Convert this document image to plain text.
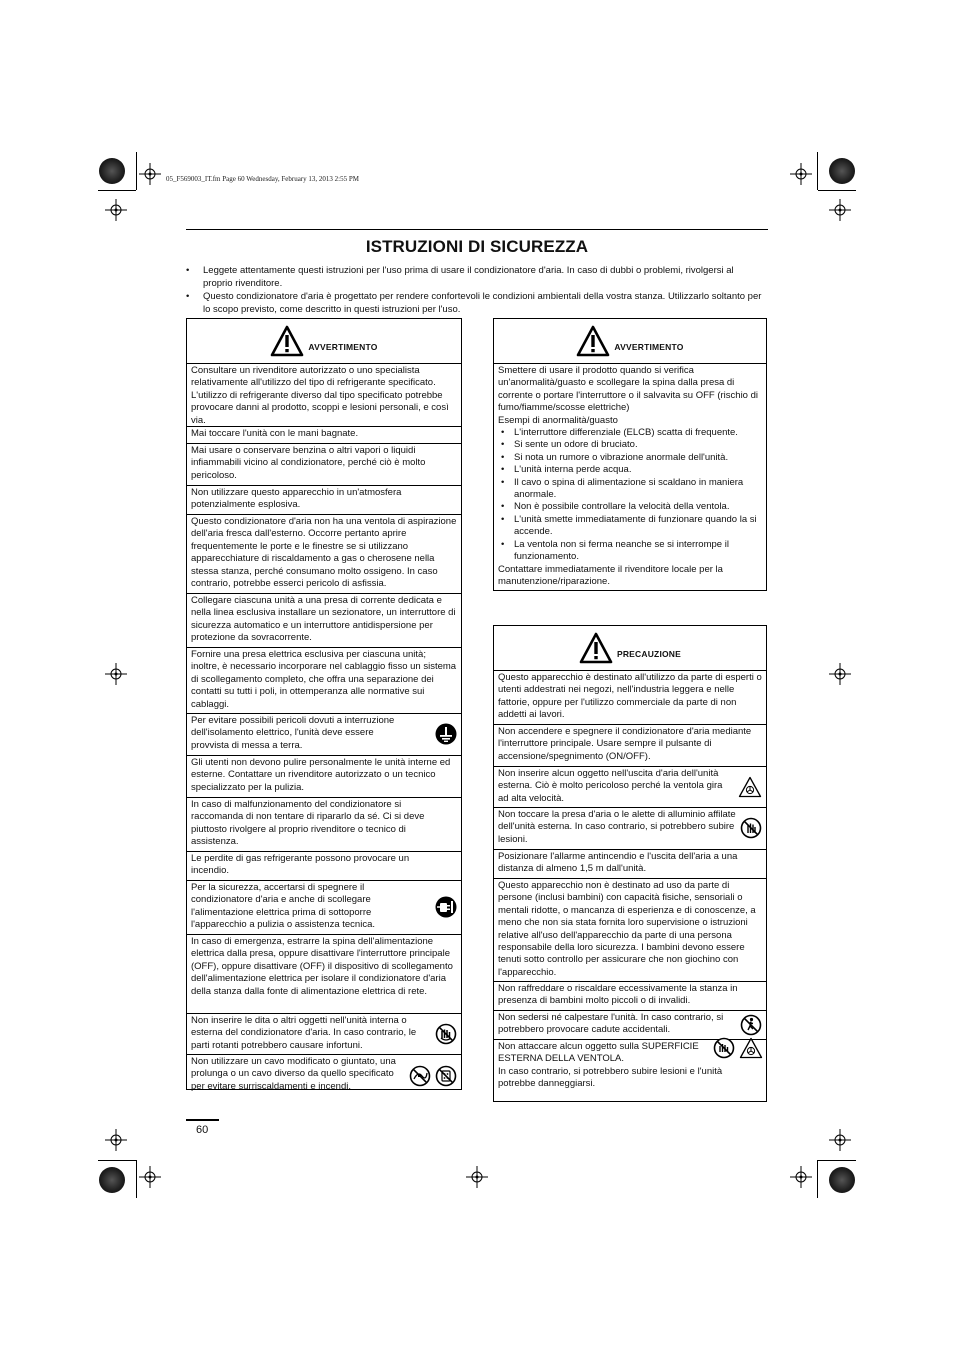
05_F569003_IT.fm Page 60 Wednesday, February 13, 2013 2:55 PM
ISTRUZIONI DI SICUREZZA
• Leggete attentamente questi istruzioni per l'uso prima di usare il condizionatore d'aria. In caso di dubbi o problemi, rivolgersi al proprio rivenditore.
• Questo condizionatore d'aria è progettato per rendere confortevoli le condizioni ambientali della vostra stanza. Utilizzarlo soltanto per lo scopo previsto, come descritto in questi istruzioni per l'uso.
AVVERTIMENTO
Consultare un rivenditore autorizzato o uno specialista relativamente all'utilizzo del tipo di refrigerante specificato. L'utilizzo di refrigerante diverso dal tipo specificato potrebbe provocare danni al prodotto, scoppi e lesioni personali, e così via.
Mai toccare l'unità con le mani bagnate.
Mai usare o conservare benzina o altri vapori o liquidi infiammabili vicino al condizionatore, perché ciò è molto pericoloso.
Non utilizzare questo apparecchio in un'atmosfera potenzialmente esplosiva.
Questo condizionatore d'aria non ha una ventola di aspirazione dell'aria fresca dall'esterno. Occorre pertanto aprire frequentemente le porte e le finestre se si utilizzano apparecchiature di riscaldamento a gas o cherosene nella stessa stanza, perché consumano molto ossigeno. In caso contrario, potrebbe esserci pericolo di asfissia.
Collegare ciascuna unità a una presa di corrente dedicata e nella linea esclusiva installare un sezionatore, un interruttore di sicurezza automatico e un interruttore antidispersione per protezione da sovracorrente.
Fornire una presa elettrica esclusiva per ciascuna unità; inoltre, è necessario incorporare nel cablaggio fisso un sistema di scollegamento completo, che offra una separazione dei contatti su tutti i poli, in ottemperanza alle normative sui cablaggi.
Per evitare possibili pericoli dovuti a interruzione dell'isolamento elettrico, l'unità deve essere provvista di messa a terra.
Gli utenti non devono pulire personalmente le unità interne ed esterne. Contattare un rivenditore autorizzato o un tecnico specializzato per la pulizia.
In caso di malfunzionamento del condizionatore si raccomanda di non tentare di ripararlo da sé. Ci si deve piuttosto rivolgere al proprio rivenditore o tecnico di assistenza.
Le perdite di gas refrigerante possono provocare un incendio.
Per la sicurezza, accertarsi di spegnere il condizionatore d'aria e anche di scollegare l'alimentazione elettrica prima di sottoporre l'apparecchio a pulizia o assistenza tecnica.
In caso di emergenza, estrarre la spina dell'alimentazione elettrica dalla presa, oppure disattivare l'interruttore principale (OFF), oppure disattivare (OFF) il dispositivo di scollegamento dell'alimentazione elettrica per isolare il condizionatore d'aria della stanza dalla fonte di alimentazione elettrica di rete.
Non inserire le dita o altri oggetti nell'unità interna o esterna del condizionatore d'aria. In caso contrario, le parti rotanti potrebbero causare infortuni.
Non utilizzare un cavo modificato o giuntato, una prolunga o un cavo diverso da quello specificato per evitare surriscaldamenti e incendi.
AVVERTIMENTO
Smettere di usare il prodotto quando si verifica un'anormalità/guasto e scollegare la spina dalla presa di corrente o portare l'interruttore o il salvavita su OFF (rischio di fumo/fiamme/scosse elettriche)
Esempi di anormalità/guasto
• L'interruttore differenziale (ELCB) scatta di frequente.
• Si sente un odore di bruciato.
• Si nota un rumore o vibrazione anormale dell'unità.
• L'unità interna perde acqua.
• Il cavo o spina di alimentazione si scaldano in maniera anormale.
• Non è possibile controllare la velocità della ventola.
• L'unità smette immediatamente di funzionare quando la si accende.
• La ventola non si ferma neanche se si interrompe il funzionamento.
Contattare immediatamente il rivenditore locale per la manutenzione/riparazione.
PRECAUZIONE
Questo apparecchio è destinato all'utilizzo da parte di esperti o utenti addestrati nei negozi, nell'industria leggera e nelle fattorie, oppure per l'utilizzo commerciale da parte di non addetti ai lavori.
Non accendere e spegnere il condizionatore d'aria mediante l'interruttore principale. Usare sempre il pulsante di accensione/spegnimento (ON/OFF).
Non inserire alcun oggetto nell'uscita d'aria dell'unità esterna. Ciò è molto pericoloso perché la ventola gira ad alta velocità.
Non toccare la presa d'aria o le alette di alluminio affilate dell'unità esterna. In caso contrario, si potrebbero subire lesioni.
Posizionare l'allarme antincendio e l'uscita dell'aria a una distanza di almeno 1,5 m dall'unità.
Questo apparecchio non è destinato ad uso da parte di persone (inclusi bambini) con capacità fisiche, sensoriali o mentali ridotte, o mancanza di esperienza e di conoscenze, a meno che non sia stata fornita loro supervisione o istruzioni relative all'uso dell'apparecchio da parte di una persona responsabile della loro sicurezza. I bambini devono essere tenuti sotto controllo per assicurare che non giochino con l'apparecchio.
Non raffreddare o riscaldare eccessivamente la stanza in presenza di bambini molto piccoli o di invalidi.
Non sedersi né calpestare l'unità. In caso contrario, si potrebbero provocare cadute accidentali.
Non attaccare alcun oggetto sulla SUPERFICIE ESTERNA DELLA VENTOLA.
In caso contrario, si potrebbero subire lesioni e l'unità potrebbe danneggiarsi.
60
